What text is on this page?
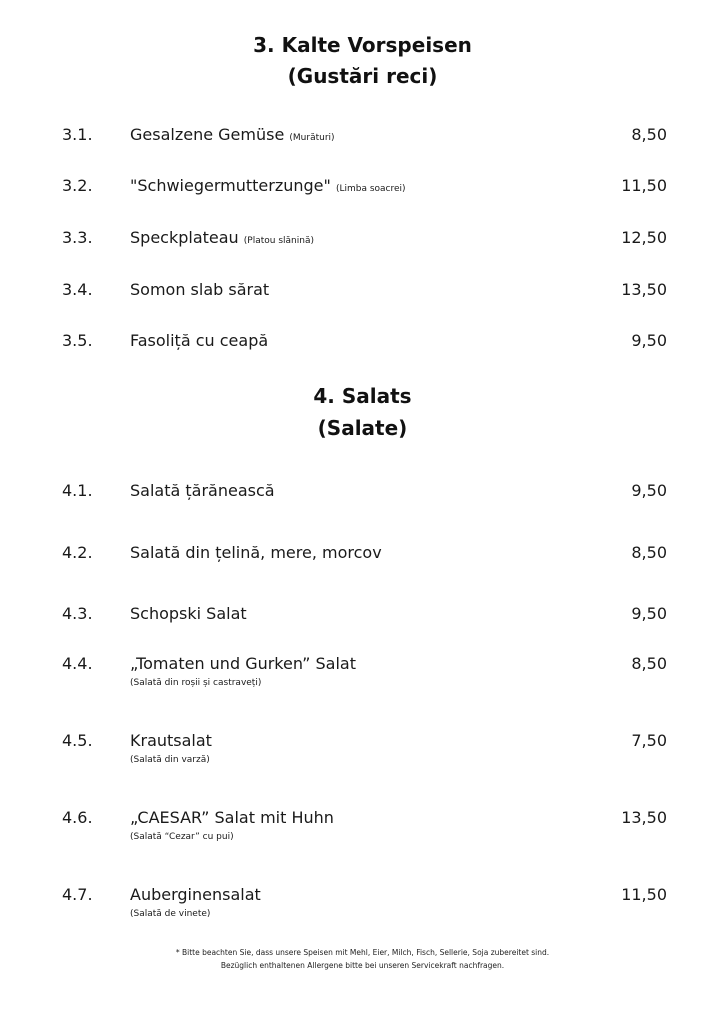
3. Kalte Vorspeisen
(Gustări reci)
3.1. Gesalzene Gemüse (Murături)	8,50
3.2. "Schwiegermutterzunge" (Limba soacrei)	11,50
3.3. Speckplateau (Platou slănină)	12,50
3.4. Somon slab sărat	13,50
3.5. Fasoliță cu ceapă	9,50
4. Salats
(Salate)
4.1. Salată țărănească	9,50
4.2. Salată din țelină, mere, morcov	8,50
4.3. Schopski Salat	9,50
4.4. „Tomaten und Gurken” Salat
(Salată din roșii și castraveți)
8,50
4.5. Krautsalat
(Salată din varză)
7,50
4.6. „CAESAR” Salat mit Huhn
(Salată “Cezar” cu pui)
13,50
4.7. Auberginensalat
(Salată de vinete)
11,50
* Bitte beachten Sie, dass unsere Speisen mit Mehl, Eier, Milch, Fisch, Sellerie, Soja zubereitet sind.
Bezüglich enthaltenen Allergene bitte bei unseren Servicekraft nachfragen.
